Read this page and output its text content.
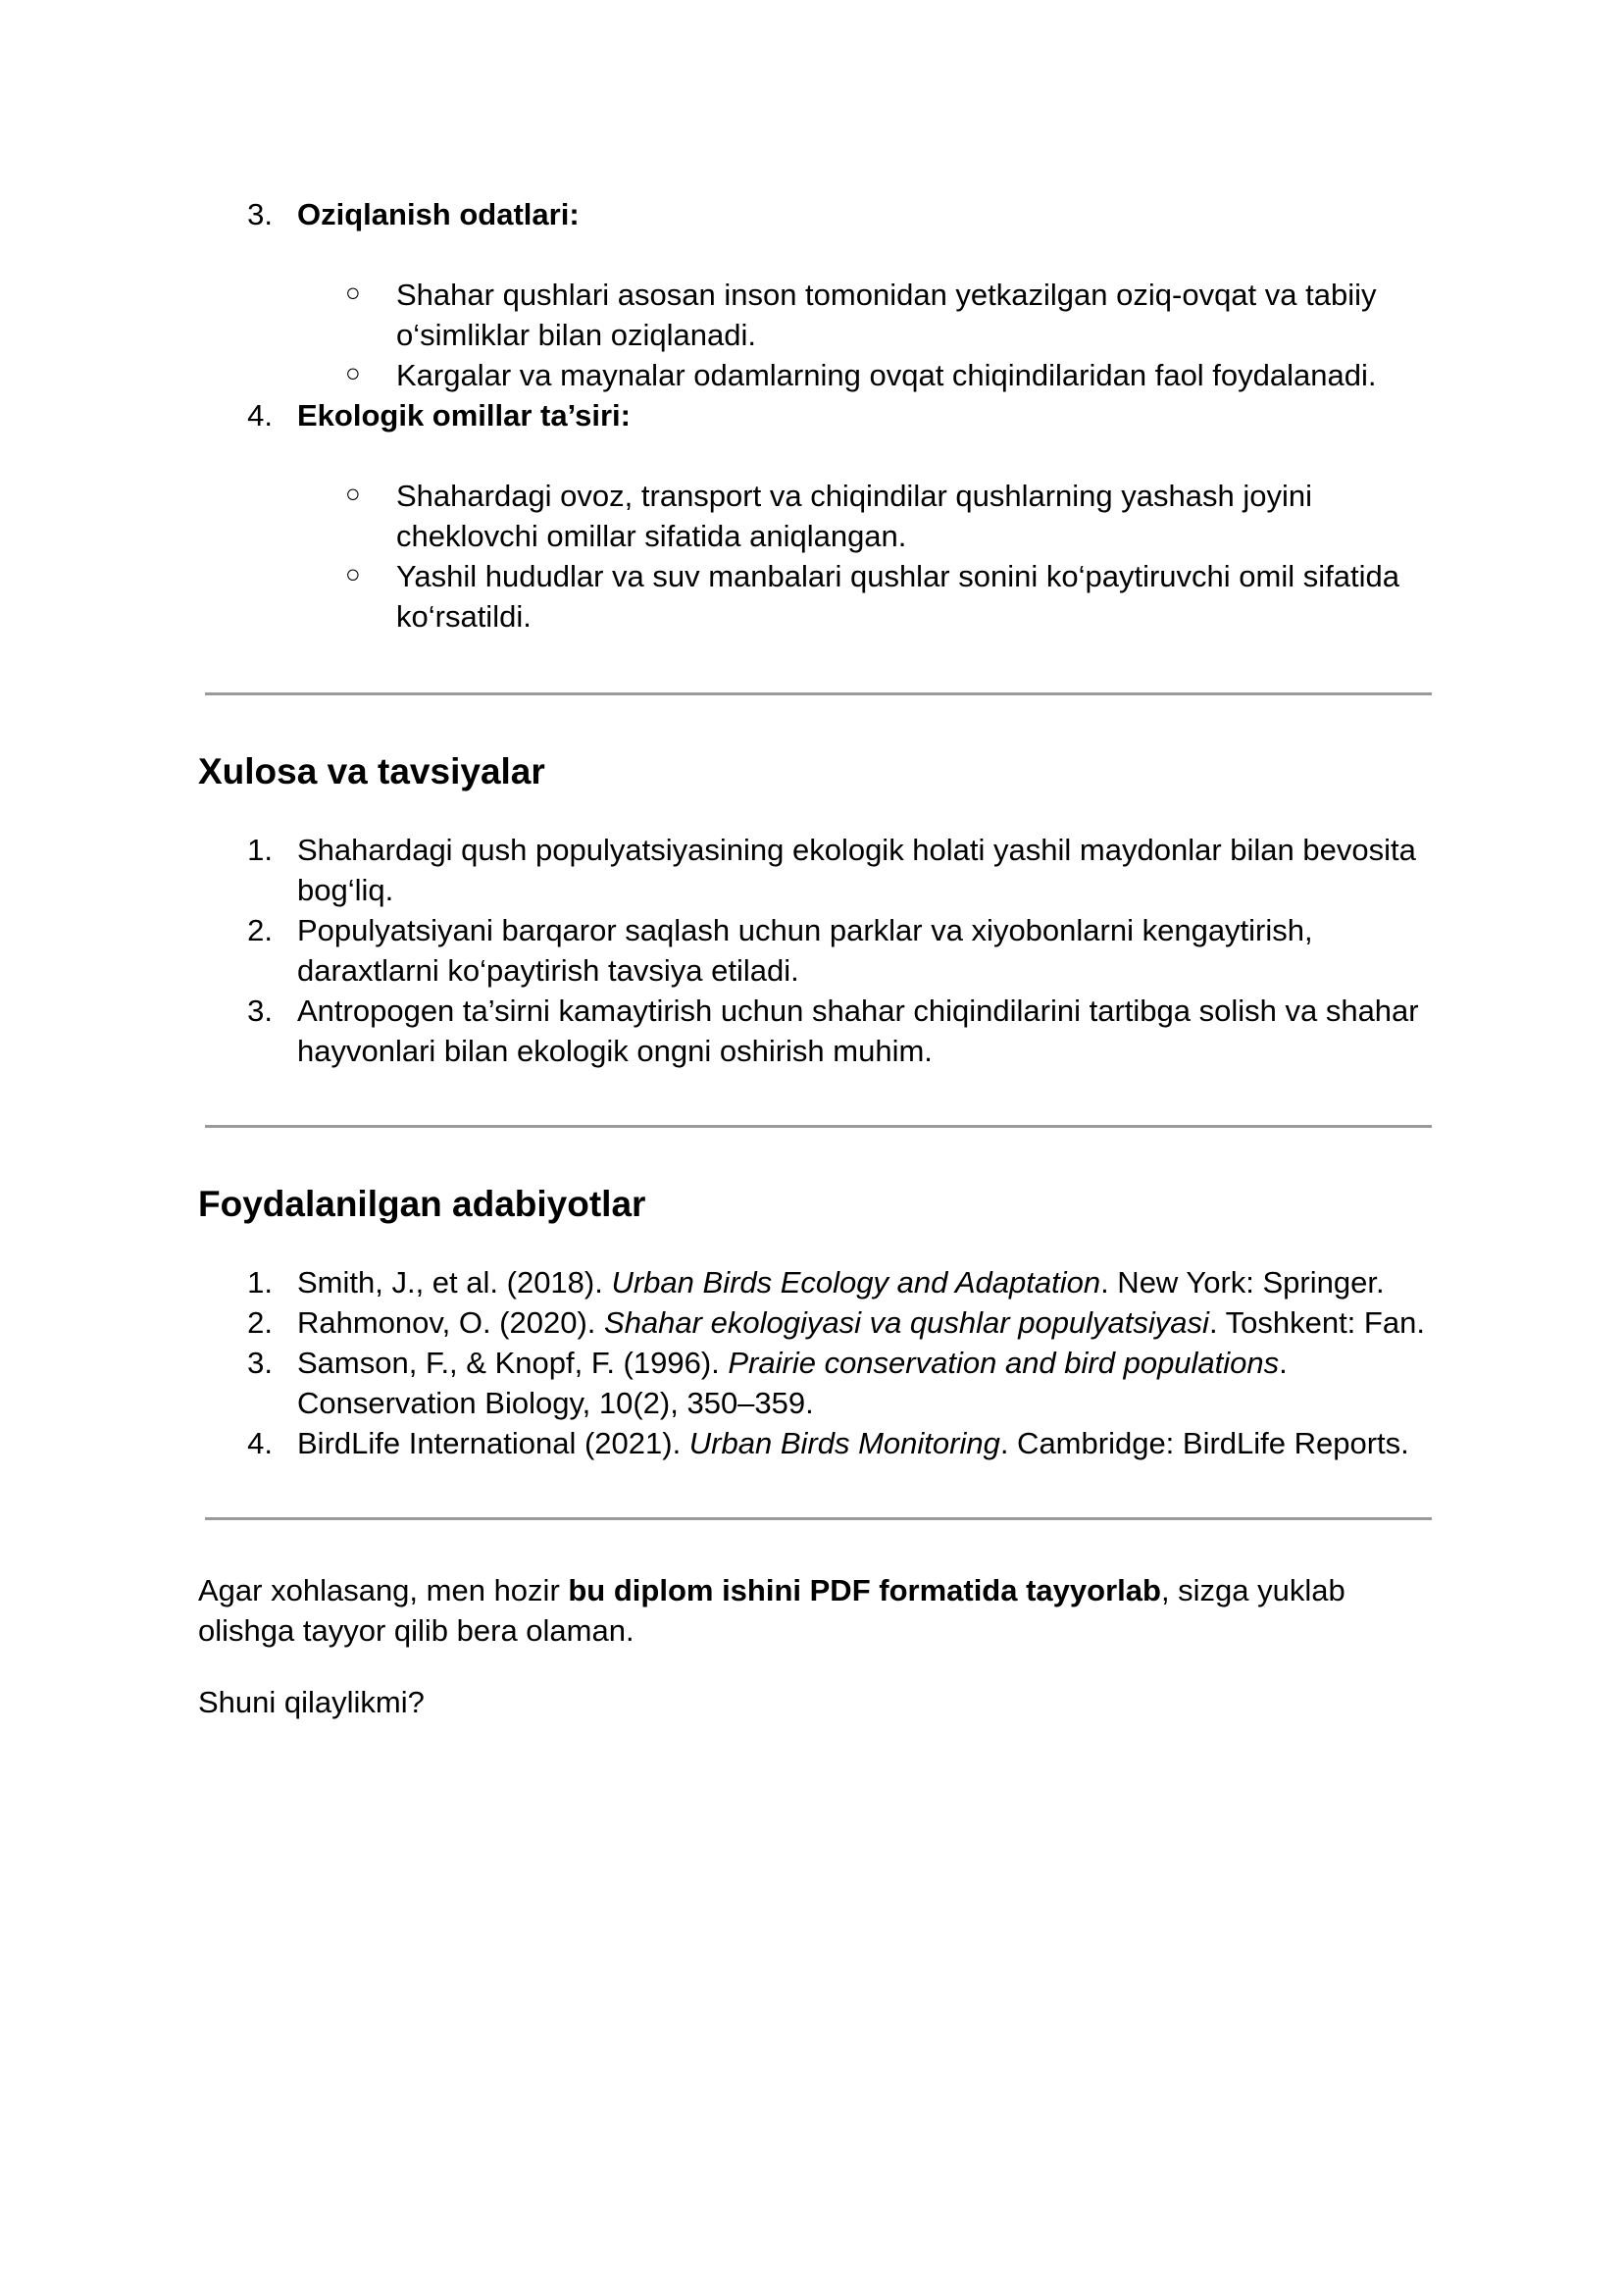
3. Oziqlanish odatlari:
○ Shahar qushlari asosan inson tomonidan yetkazilgan oziq-ovqat va tabiiy
o‘simliklar bilan oziqlanadi.
○ Kargalar va maynalar odamlarning ovqat chiqindilaridan faol foydalanadi.
4. Ekologik omillar ta’siri:
○ Shahardagi ovoz, transport va chiqindilar qushlarning yashash joyini
cheklovchi omillar sifatida aniqlangan.
○ Yashil hududlar va suv manbalari qushlar sonini ko‘paytiruvchi omil sifatida
ko‘rsatildi.
Xulosa va tavsiyalar
1. Shahardagi qush populyatsiyasining ekologik holati yashil maydonlar bilan bevosita
bog‘liq.
2. Populyatsiyani barqaror saqlash uchun parklar va xiyobonlarni kengaytirish,
daraxtlarni ko‘paytirish tavsiya etiladi.
3. Antropogen ta’sirni kamaytirish uchun shahar chiqindilarini tartibga solish va shahar
hayvonlari bilan ekologik ongni oshirish muhim.
Foydalanilgan adabiyotlar
1. Smith, J., et al. (2018). Urban Birds Ecology and Adaptation. New York: Springer.
2. Rahmonov, O. (2020). Shahar ekologiyasi va qushlar populyatsiyasi. Toshkent: Fan.
3. Samson, F., & Knopf, F. (1996). Prairie conservation and bird populations.
Conservation Biology, 10(2), 350–359.
4. BirdLife International (2021). Urban Birds Monitoring. Cambridge: BirdLife Reports.
Agar xohlasang, men hozir bu diplom ishini PDF formatida tayyorlab, sizga yuklab
olishga tayyor qilib bera olaman.
Shuni qilaylikmi?
